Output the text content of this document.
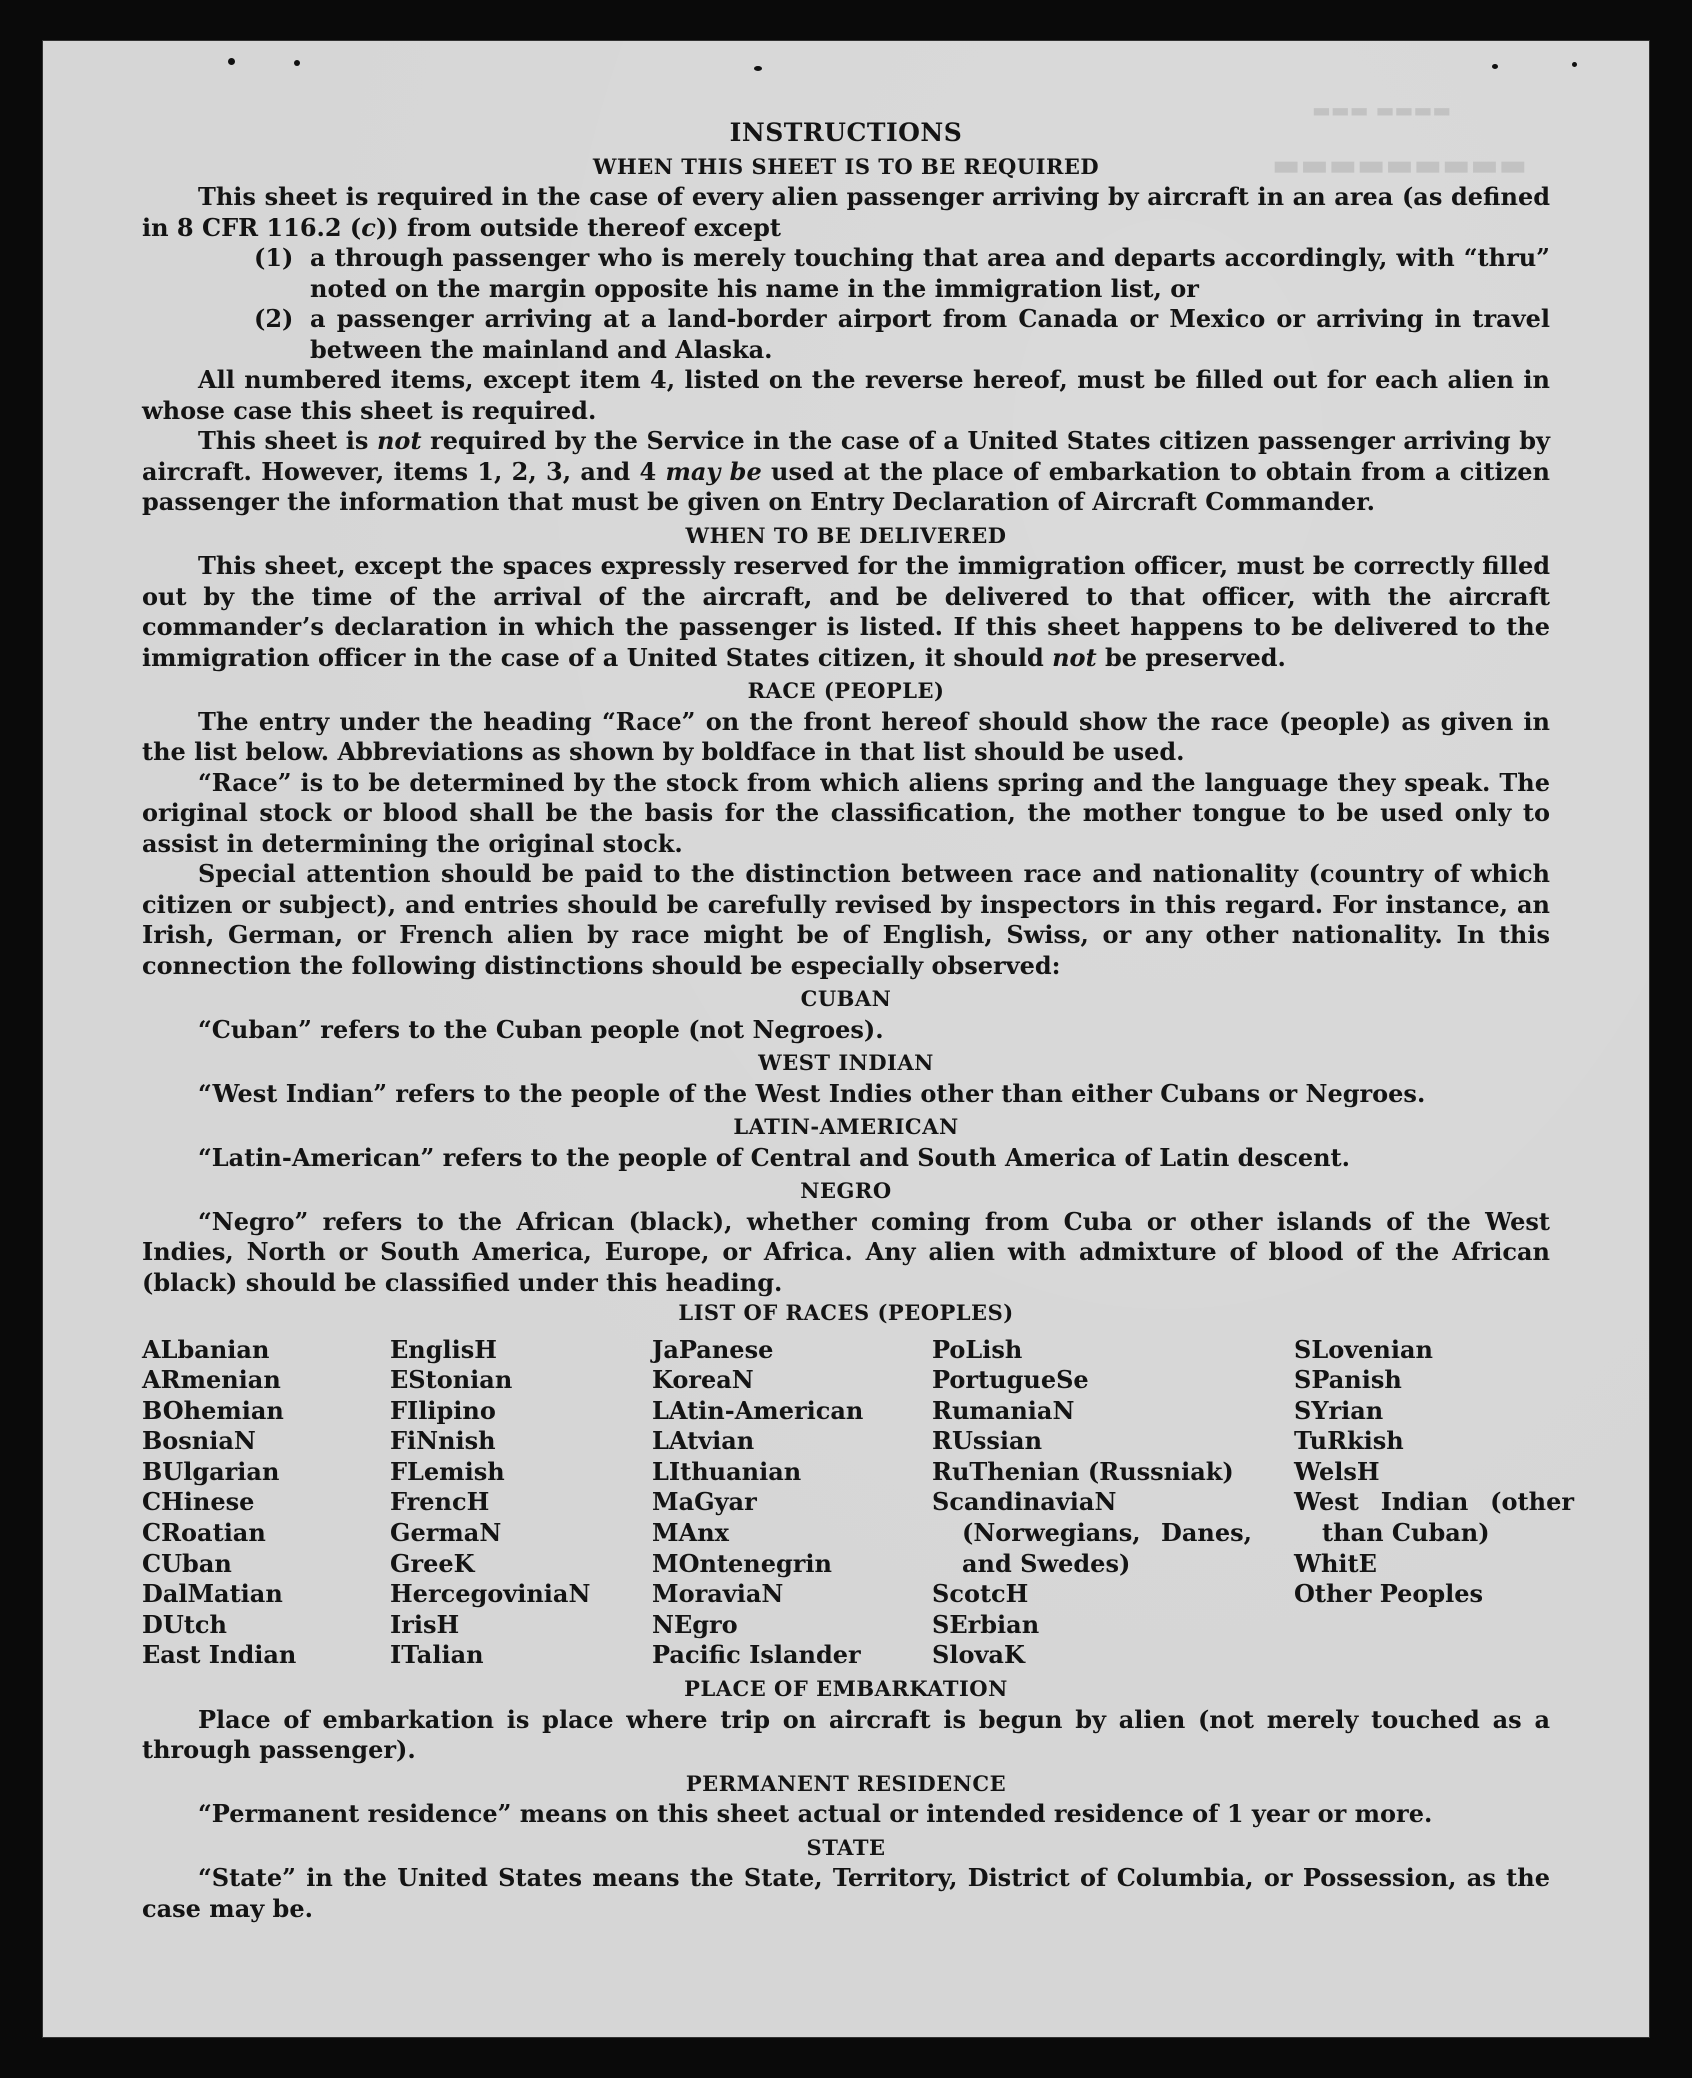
▬▬▬ ▬▬▬▬
▬▬▬▬▬▬▬▬▬

INSTRUCTIONS

WHEN THIS SHEET IS TO BE REQUIRED

This sheet is required in the case of every alien passenger arriving by aircraft in an area (as defined in 8 CFR 116.2 (c)) from outside thereof except

(1) a through passenger who is merely touching that area and departs accordingly, with “thru” noted on the margin opposite his name in the immigration list, or
(2) a passenger arriving at a land-border airport from Canada or Mexico or arriving in travel between the mainland and Alaska.

All numbered items, except item 4, listed on the reverse hereof, must be filled out for each alien in whose case this sheet is required.

This sheet is not required by the Service in the case of a United States citizen passenger arriving by aircraft. However, items 1, 2, 3, and 4 may be used at the place of embarkation to obtain from a citizen passenger the information that must be given on Entry Declaration of Aircraft Commander.

WHEN TO BE DELIVERED

This sheet, except the spaces expressly reserved for the immigration officer, must be correctly filled out by the time of the arrival of the aircraft, and be delivered to that officer, with the aircraft commander’s declaration in which the passenger is listed. If this sheet happens to be delivered to the immigration officer in the case of a United States citizen, it should not be preserved.

RACE (PEOPLE)

The entry under the heading “Race” on the front hereof should show the race (people) as given in the list below. Abbreviations as shown by boldface in that list should be used.

“Race” is to be determined by the stock from which aliens spring and the language they speak. The original stock or blood shall be the basis for the classification, the mother tongue to be used only to assist in determining the original stock.

Special attention should be paid to the distinction between race and nationality (country of which citizen or subject), and entries should be carefully revised by inspectors in this regard. For instance, an Irish, German, or French alien by race might be of English, Swiss, or any other nationality. In this connection the following distinctions should be especially observed:

CUBAN

“Cuban” refers to the Cuban people (not Negroes).

WEST INDIAN

“West Indian” refers to the people of the West Indies other than either Cubans or Negroes.

LATIN-AMERICAN

“Latin-American” refers to the people of Central and South America of Latin descent.

NEGRO

“Negro” refers to the African (black), whether coming from Cuba or other islands of the West Indies, North or South America, Europe, or Africa. Any alien with admixture of blood of the African (black) should be classified under this heading.

LIST OF RACES (PEOPLES)

ALbanian
ARmenian
BOhemian
BosniaN
BUlgarian
CHinese
CRoatian
CUban
DalMatian
DUtch
East Indian
EnglisH
EStonian
FIlipino
FiNnish
FLemish
FrencH
GermaN
GreeK
HercegoviniaN
IrisH
ITalian
JaPanese
KoreaN
LAtin-American
LAtvian
LIthuanian
MaGyar
MAnx
MOntenegrin
MoraviaN
NEgro
Pacific Islander
PoLish
PortugueSe
RumaniaN
RUssian
RuThenian (Russniak)
ScandinaviaN (Norwegians, Danes, and Swedes)
ScotcH
SErbian
SlovaK
SLovenian
SPanish
SYrian
TuRkish
WelsH
West Indian (other than Cuban)
WhitE
Other Peoples

PLACE OF EMBARKATION

Place of embarkation is place where trip on aircraft is begun by alien (not merely touched as a through passenger).

PERMANENT RESIDENCE

“Permanent residence” means on this sheet actual or intended residence of 1 year or more.

STATE

“State” in the United States means the State, Territory, District of Columbia, or Possession, as the case may be.
